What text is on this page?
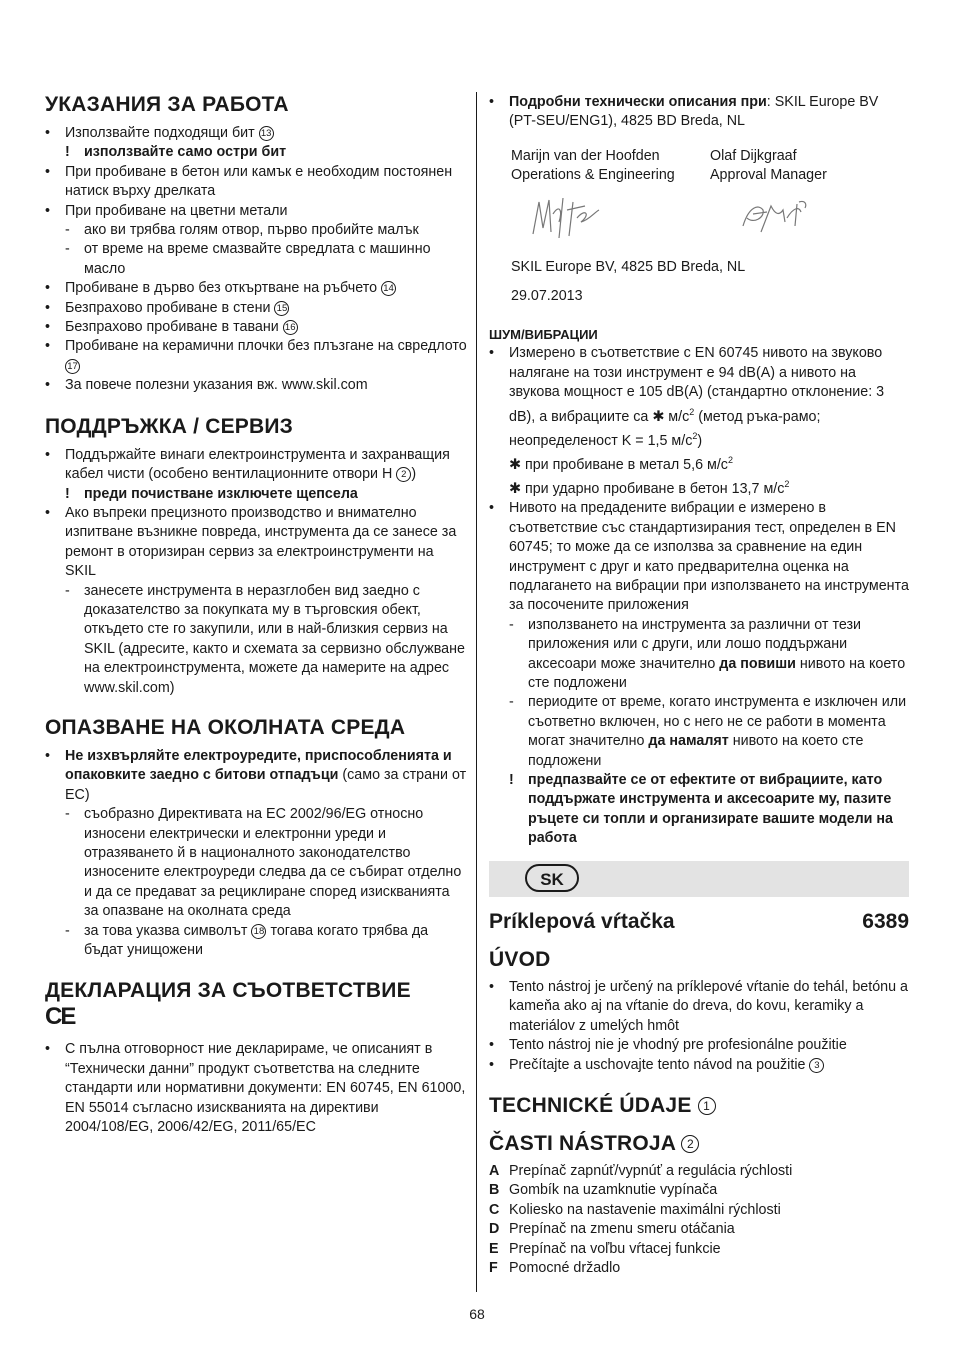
УКАЗАНИЯ ЗА РАБОТА
• Използвайте подходящи бит 13
! използвайте само остри бит
• При пробиване в бетон или камък е необходим постоянен натиск върху дрелката
• При пробиване на цветни метали
- ако ви трябва голям отвор, първо пробийте малък
- от време на време смазвайте свредлата с машинно масло
• Пробиване в дърво без откъртване на ръбчето 14
• Безпрахово пробиване в стени 15
• Безпрахово пробиване в тавани 16
• Пробиване на керамични плочки без плъзгане на свредлото 17
• За повече полезни указания вж. www.skil.com
ПОДДРЪЖКА / СЕРВИЗ
• Поддържайте винаги електроинструмента и захранващия кабел чисти (особено вентилационните отвори H 2 )
! преди почистване изключете щепсела
• Ако въпреки прецизното производство и внимателно изпитване възникне повреда, инструмента да се занесе за ремонт в оторизиран сервиз за електроинструменти на SKIL
- занесете инструмента в неразглобен вид заедно с доказателство за покупката му в търговския обект, откъдето сте го закупили, или в най-близкия сервиз на SKIL (адресите, както и схемата за сервизно обслужване на електроинструмента, можете да намерите на адрес www.skil.com)
ОПАЗВАНЕ НА ОКОЛНАТА СРЕДА
• Не изхвърляйте електроуредите, приспособленията и опаковките заедно с битови отпадъци (само за страни от ЕС)
- съобразно Директивата на ЕС 2002/96/EG относно износени електрически и електронни уреди и отразяването й в националното законодателство износените електроуреди следва да се събират отделно и да се предават за рециклиране според изискванията за опазване на околната среда
- за това указва символът 18 тогава когато трябва да бъдат унищожени
ДЕКЛАРАЦИЯ ЗА СЪОТВЕТСТВИЕ
CE
• С пълна отговорност ние декларираме, че описаният в “Технически данни” продукт съответства на следните стандарти или нормативни документи: EN 60745, EN 61000, EN 55014 съгласно изискванията на директиви 2004/108/EG, 2006/42/EG, 2011/65/EC
• Подробни технически описания при: SKIL Europe BV (PT-SEU/ENG1), 4825 BD Breda, NL
Marijn van der Hoofden
Operations & Engineering
Olaf Dijkgraaf
Approval Manager
SKIL Europe BV, 4825 BD Breda, NL
29.07.2013
ШУМ/ВИБРАЦИИ
• Измерено в съответствие с EN 60745 нивото на звуково налягане на този инструмент е 94 dB(A) а нивото на звукова мощност е 105 dB(A) (стандартно отклонение: 3 dB), а вибрациите са ✱ $м/с^2$ (метод ръка-рамо; неопределеност K = 1,5 $м/с^2$)
✱ при пробиване в метал 5,6 $м/с^2$
✱ при ударно пробиване в бетон 13,7 $м/с^2$
• Нивото на предадените вибрации е измерено в съответствие със стандартизирания тест, определен в EN 60745; то може да се използва за сравнение на един инструмент с друг и като предварителна оценка на подлагането на вибрации при използването на инструмента за посочените приложения
- използването на инструмента за различни от тези приложения или с други, или лошо поддържани аксесоари може значително да повиши нивото на което сте подложени
- периодите от време, когато инструмента е изключен или съответно включен, но с него не се работи в момента могат значително да намалят нивото на което сте подложени
! предпазвайте се от ефектите от вибрациите, като поддържате инструмента и аксесоарите му, пазите ръцете си топли и организирате вашите модели на работа
SK
Príklepová vŕtačka	6389
ÚVOD
• Tento nástroj je určený na príklepové vŕtanie do tehál, betónu a kameňa ako aj na vŕtanie do dreva, do kovu, keramiky a materiálov z umelých hmôt
• Tento nástroj nie je vhodný pre profesionálne použitie
• Prečítajte a uschovajte tento návod na použitie 3
TECHNICKÉ ÚDAJE 1
ČASTI NÁSTROJA 2
A Prepínač zapnúť/vypnúť a regulácia rýchlosti
B Gombík na uzamknutie vypínača
C Koliesko na nastavenie maximálni rýchlosti
D Prepínač na zmenu smeru otáčania
E Prepínač na voľbu vŕtacej funkcie
F Pomocné držadlo
68
